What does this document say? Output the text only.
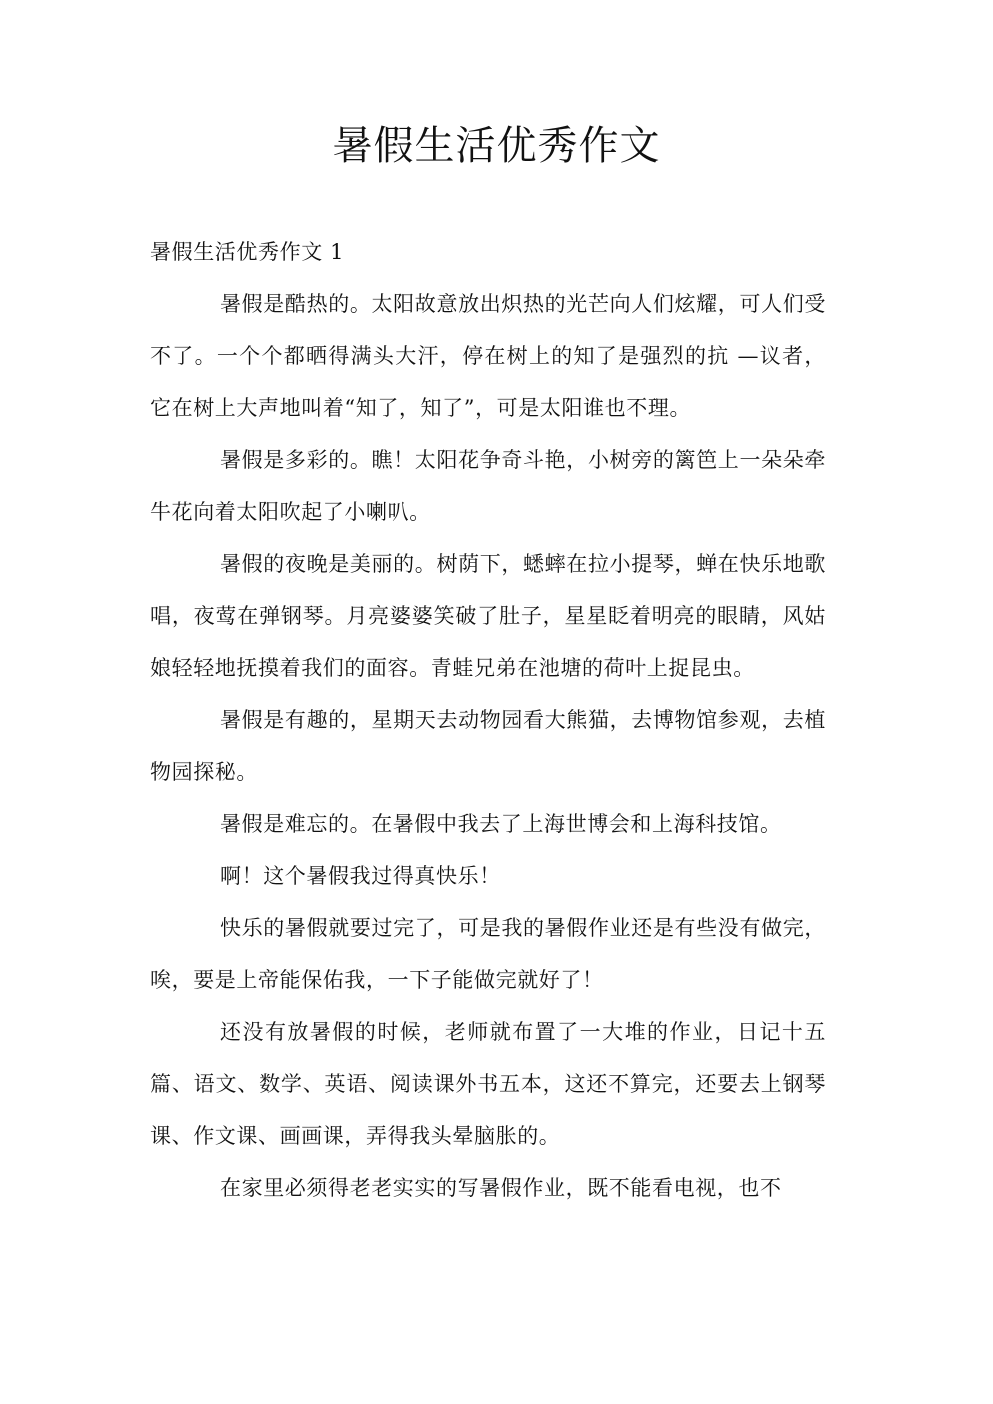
暑假生活优秀作文
暑假生活优秀作文 1

暑假是酷热的。太阳故意放出炽热的光芒向人们炫耀，可人们受不了。一个个都晒得满头大汗，停在树上的知了是强烈的抗 —议者，它在树上大声地叫着“知了，知了”，可是太阳谁也不理。

暑假是多彩的。瞧！太阳花争奇斗艳，小树旁的篱笆上一朵朵牵牛花向着太阳吹起了小喇叭。

暑假的夜晚是美丽的。树荫下，蟋蟀在拉小提琴，蝉在快乐地歌唱，夜莺在弹钢琴。月亮婆婆笑破了肚子，星星眨着明亮的眼睛，风姑娘轻轻地抚摸着我们的面容。青蛙兄弟在池塘的荷叶上捉昆虫。

暑假是有趣的，星期天去动物园看大熊猫，去博物馆参观，去植物园探秘。

暑假是难忘的。在暑假中我去了上海世博会和上海科技馆。

啊！这个暑假我过得真快乐！

快乐的暑假就要过完了，可是我的暑假作业还是有些没有做完，唉，要是上帝能保佑我，一下子能做完就好了！

还没有放暑假的时候，老师就布置了一大堆的作业，日记十五篇、语文、数学、英语、阅读课外书五本，这还不算完，还要去上钢琴课、作文课、画画课，弄得我头晕脑胀的。

在家里必须得老老实实的写暑假作业，既不能看电视，也不
